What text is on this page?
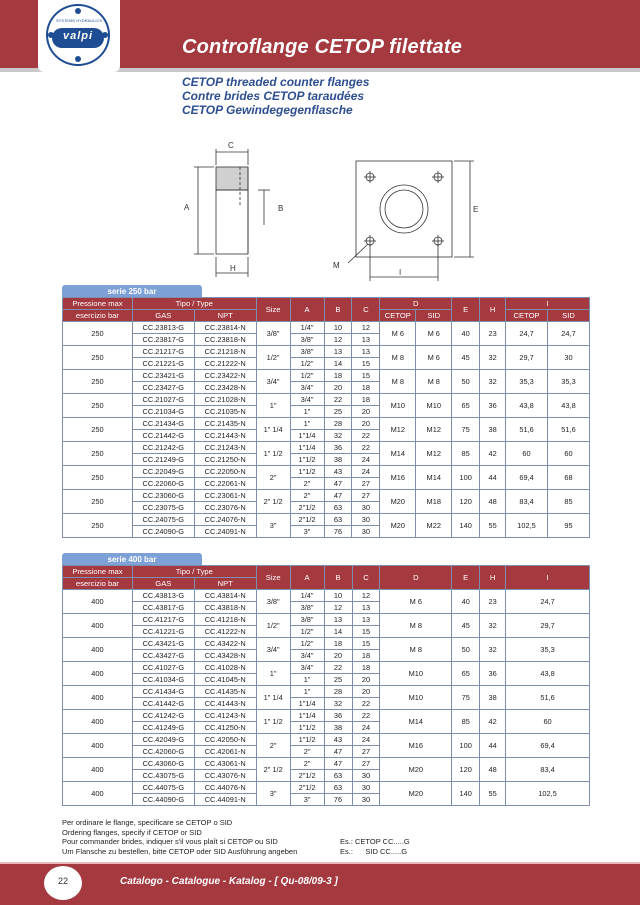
SYSTEMS HYDRAULICS
valpi	Controflange CETOP filettate
CETOP threaded counter flanges
Contre brides CETOP taraudées
CETOP Gewindegegenflasche
C
A	B
H
E
I
M
serie 250 bar
Pressione max	Tipo / Type		Size	A	B	C	D		E	H	I	
esercizio bar	GAS	NPT					CETOP	SID			CETOP	SID
250	CC.23813-G	CC.23814-N	3/8"	1/4"	10	12	M 6	M 6	40	23	24,7	24,7
	CC.23817-G	CC.23818-N		3/8"	12	13						
250	CC.21217-G	CC.21218-N	1/2"	3/8"	13	13	M 8	M 6	45	32	29,7	30
	CC.21221-G	CC.21222-N		1/2"	14	15						
250	CC.23421-G	CC.23422-N	3/4"	1/2"	18	15	M 8	M 8	50	32	35,3	35,3
	CC.23427-G	CC.23428-N		3/4"	20	18						
250	CC.21027-G	CC.21028-N	1"	3/4"	22	18	M10	M10	65	36	43,8	43,8
	CC.21034-G	CC.21035-N		1"	25	20						
250	CC.21434-G	CC.21435-N	1" 1/4	1"	28	20	M12	M12	75	38	51,6	51,6
	CC.21442-G	CC.21443-N		1"1/4	32	22						
250	CC.21242-G	CC.21243-N	1" 1/2	1"1/4	36	22	M14	M12	85	42	60	60
	CC.21249-G	CC.21250-N		1"1/2	38	24						
250	CC.22049-G	CC.22050-N	2"	1"1/2	43	24	M16	M14	100	44	69,4	68
	CC.22060-G	CC.22061-N		2"	47	27						
250	CC.23060-G	CC.23061-N	2" 1/2	2"	47	27	M20	M18	120	48	83,4	85
	CC.23075-G	CC.23076-N		2"1/2	63	30						
250	CC.24075-G	CC.24076-N	3"	2"1/2	63	30	M20	M22	140	55	102,5	95
	CC.24090-G	CC.24091-N		3"	76	30						
serie 400 bar
Pressione max	Tipo / Type		Size	A	B	C	D	E	H	I
esercizio bar	GAS	NPT								
400	CC.43813-G	CC.43814-N	3/8"	1/4"	10	12	M 6	40	23	24,7
	CC.43817-G	CC.43818-N		3/8"	12	13				
400	CC.41217-G	CC.41218-N	1/2"	3/8"	13	13	M 8	45	32	29,7
	CC.41221-G	CC.41222-N		1/2"	14	15				
400	CC.43421-G	CC.43422-N	3/4"	1/2"	18	15	M 8	50	32	35,3
	CC.43427-G	CC.43428-N		3/4"	20	18				
400	CC.41027-G	CC.41028-N	1"	3/4"	22	18	M10	65	36	43,8
	CC.41034-G	CC.41045-N		1"	25	20				
400	CC.41434-G	CC.41435-N	1" 1/4	1"	28	20	M10	75	38	51,6
	CC.41442-G	CC.41443-N		1"1/4	32	22				
400	CC.41242-G	CC.41243-N	1" 1/2	1"1/4	36	22	M14	85	42	60
	CC.41249-G	CC.41250-N		1"1/2	38	24				
400	CC.42049-G	CC.42050-N	2"	1"1/2	43	24	M16	100	44	69,4
	CC.42060-G	CC.42061-N		2"	47	27				
400	CC.43060-G	CC.43061-N	2" 1/2	2"	47	27	M20	120	48	83,4
	CC.43075-G	CC.43076-N		2"1/2	63	30				
400	CC.44075-G	CC.44076-N	3"	2"1/2	63	30	M20	140	55	102,5
	CC.44090-G	CC.44091-N		3"	76	30				
Per ordinare le flange, specificare se CETOP o SID
Ordering flanges, specify if CETOP or SID
Pour commander brides, indiquer s'il vous plaît si CETOP ou SID
Um Flansche zu bestellen, bitte CETOP oder SID Ausführung angeben
Es.: CETOP CC.....G
Es.:      SID CC.....G
22	Catalogo - Catalogue - Katalog - [ Qu-08/09-3 ]
